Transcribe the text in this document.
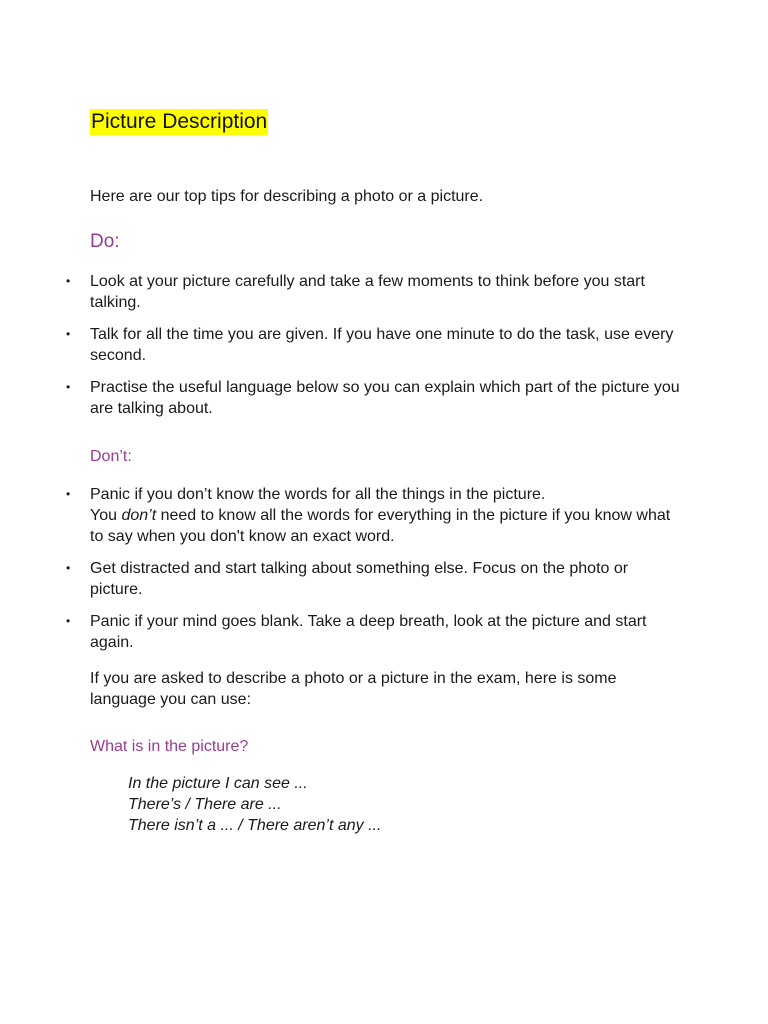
Picture Description
Here are our top tips for describing a photo or a picture.
Do:
• Look at your picture carefully and take a few moments to think before you start talking.
• Talk for all the time you are given. If you have one minute to do the task, use every second.
• Practise the useful language below so you can explain which part of the picture you are talking about.
Don’t:
• Panic if you don’t know the words for all the things in the picture.
You don’t need to know all the words for everything in the picture if you know what to say when you don't know an exact word.
• Get distracted and start talking about something else. Focus on the photo or picture.
• Panic if your mind goes blank. Take a deep breath, look at the picture and start again.
If you are asked to describe a photo or a picture in the exam, here is some language you can use:
What is in the picture?
In the picture I can see ...
There’s / There are ...
There isn’t a ... / There aren’t any ...
